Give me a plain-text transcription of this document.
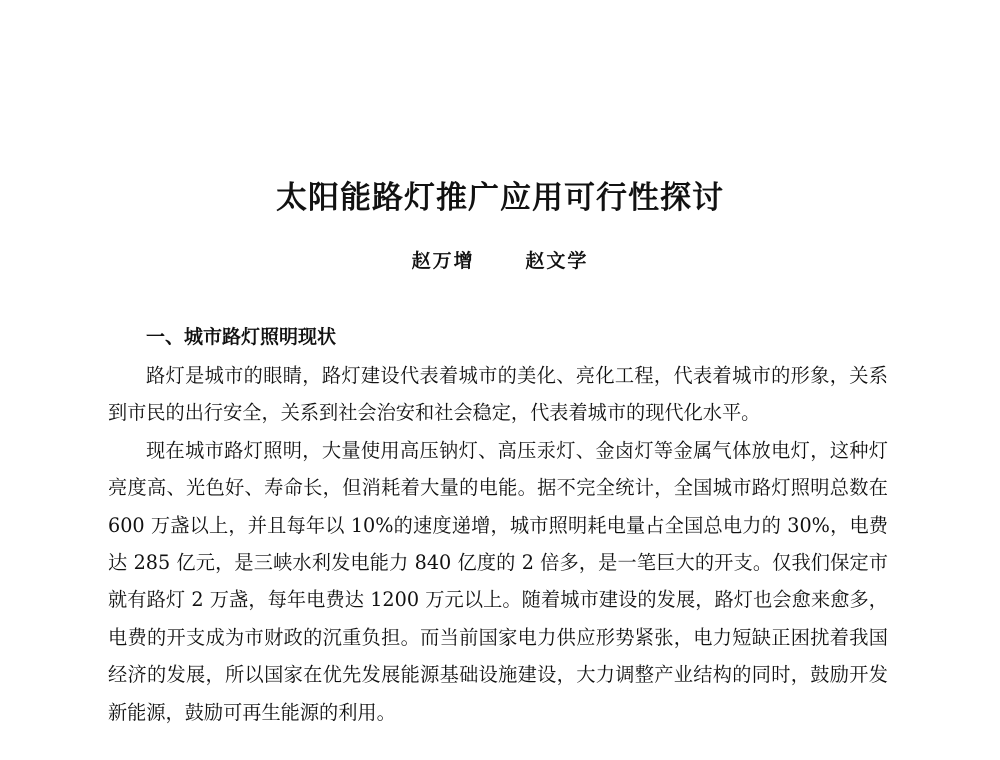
太阳能路灯推广应用可行性探讨
赵万增	赵文学
一、城市路灯照明现状

路灯是城市的眼睛，路灯建设代表着城市的美化、亮化工程，代表着城市的形象，关系到市民的出行安全，关系到社会治安和社会稳定，代表着城市的现代化水平。

现在城市路灯照明，大量使用高压钠灯、高压汞灯、金卤灯等金属气体放电灯，这种灯亮度高、光色好、寿命长，但消耗着大量的电能。据不完全统计，全国城市路灯照明总数在 600 万盏以上，并且每年以 10%的速度递增，城市照明耗电量占全国总电力的 30%，电费达 285 亿元，是三峡水利发电能力 840 亿度的 2 倍多，是一笔巨大的开支。仅我们保定市就有路灯 2 万盏，每年电费达 1200 万元以上。随着城市建设的发展，路灯也会愈来愈多，电费的开支成为市财政的沉重负担。而当前国家电力供应形势紧张，电力短缺正困扰着我国经济的发展，所以国家在优先发展能源基础设施建设，大力调整产业结构的同时，鼓励开发新能源，鼓励可再生能源的利用。
